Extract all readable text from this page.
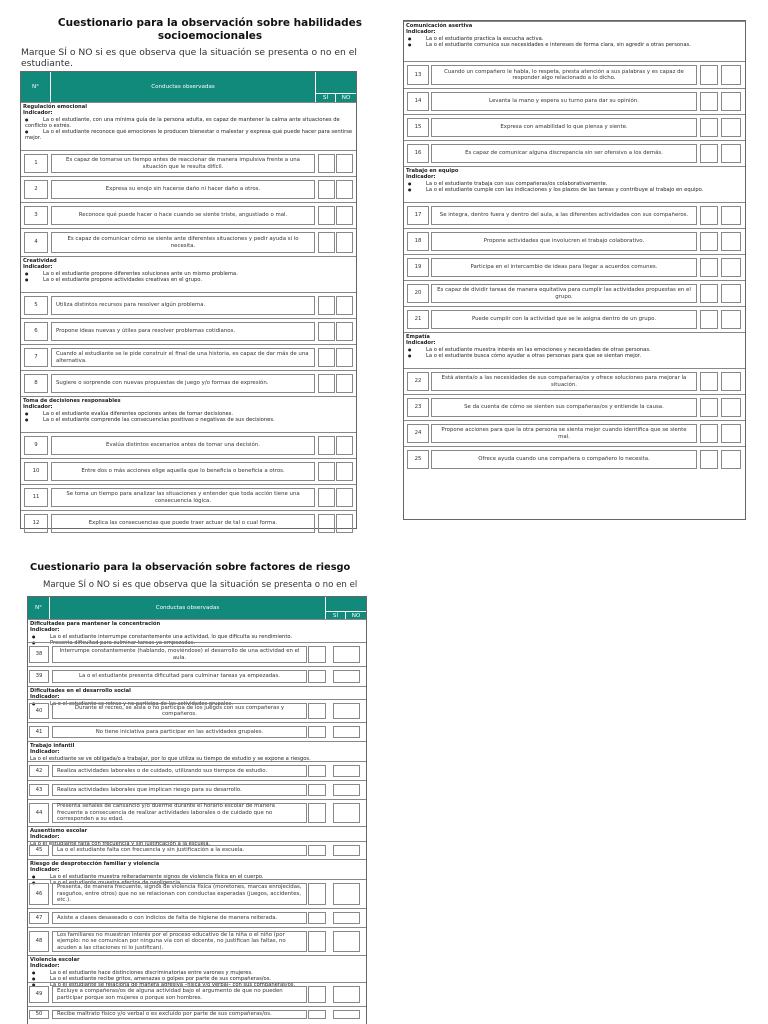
Cuestionario para la observación sobre habilidades
socioemocionales
Marque SÍ o NO si es que observa que la situación se presenta o no en el estudiante.
N°	Conductas observadas
SÍ	NO
Regulación emocional
Indicador:
●	La o el estudiante, con una mínima guía de la persona adulta, es capaz de mantener la calma ante situaciones de conflicto o estrés.
●	La o el estudiante reconoce qué emociones le producen bienestar o malestar y expresa qué puede hacer para sentirse mejor.
1
Es capaz de tomarse un tiempo antes de reaccionar de manera impulsiva frente a una situación que le resulta difícil.
2	Expresa su enojo sin hacerse daño ni hacer daño a otros.
3	Reconoce qué puede hacer o hace cuando se siente triste, angustiado o mal.
4
Es capaz de comunicar cómo se siente ante diferentes situaciones y pedir ayuda si lo necesita.
Creatividad
Indicador:
●	La o el estudiante propone diferentes soluciones ante un mismo problema.
●	La o el estudiante propone actividades creativas en el grupo.
5	Utiliza distintos recursos para resolver algún problema.
6	Propone ideas nuevas y útiles para resolver problemas cotidianos.
7
Cuando al estudiante se le pide construir el final de una historia, es capaz de dar más de una alternativa.
8	Sugiere o sorprende con nuevas propuestas de juego y/o formas de expresión.
Toma de decisiones responsables
Indicador:
●	La o el estudiante evalúa diferentes opciones antes de tomar decisiones.
●	La o el estudiante comprende las consecuencias positivas o negativas de sus decisiones.
9	Evalúa distintos escenarios antes de tomar una decisión.
10	Entre dos o más acciones elige aquella que lo beneficia o beneficia a otros.
11
Se toma un tiempo para analizar las situaciones y entender que toda acción tiene una consecuencia lógica.
12	Explica las consecuencias que puede traer actuar de tal o cual forma.
Comunicación asertiva
Indicador:
●	La o el estudiante practica la escucha activa.
●	La o el estudiante comunica sus necesidades e intereses de forma clara, sin agredir a otras personas.
13
Cuando un compañero le habla, lo respeta, presta atención a sus palabras y es capaz de responder algo relacionado a lo dicho.
14	Levanta la mano y espera su turno para dar su opinión.
15	Expresa con amabilidad lo que piensa y siente.
16	Es capaz de comunicar alguna discrepancia sin ser ofensivo a los demás.
Trabajo en equipo
Indicador:
●	La o el estudiante trabaja con sus compañeras/os colaborativamente.
●	La o el estudiante cumple con las indicaciones y los plazos de las tareas y contribuye al trabajo en equipo.
17	Se integra, dentro fuera y dentro del aula, a las diferentes actividades con sus compañeros.
18	Propone actividades que involucren el trabajo colaborativo.
19	Participa en el intercambio de ideas para llegar a acuerdos comunes.
20
Es capaz de dividir tareas de manera equitativa para cumplir las actividades propuestas en el grupo.
21	Puede cumplir con la actividad que se le asigna dentro de un grupo.
Empatía
Indicador:
●	La o el estudiante muestra interés en las emociones y necesidades de otras personas.
●	La o el estudiante busca cómo ayudar a otras personas para que se sientan mejor.
22
Está atenta/o a las necesidades de sus compañeras/os y ofrece soluciones para mejorar la situación.
23	Se da cuenta de cómo se sienten sus compañeras/os y entiende la causa.
24
Propone acciones para que la otra persona se sienta mejor cuando identifica que se siente mal.
25	Ofrece ayuda cuando una compañera o compañero lo necesita.
Cuestionario para la observación sobre factores de riesgo
Marque SÍ o NO si es que observa que la situación se presenta o no en el
N°	Conductas observadas
SÍ	NO
Dificultades para mantener la concentración
Indicador:
●	La o el estudiante interrumpe constantemente una actividad, lo que dificulta su rendimiento.
●	Presenta dificultad para culminar tareas ya empezadas.
38
Interrumpe constantemente (hablando, moviéndose) el desarrollo de una actividad en el aula.
39	La o el estudiante presenta dificultad para culminar tareas ya empezadas.
Dificultades en el desarrollo social
Indicador:
●	La o el estudiante se retrae y no participa de las actividades grupales.
40
Durante el recreo, se aísla o no participa de los juegos con sus compañeras y compañeros.
41	No tiene iniciativa para participar en las actividades grupales.
Trabajo infantil
Indicador:
La o el estudiante se ve obligada/o a trabajar, por lo que utiliza su tiempo de estudio y se expone a riesgos.
42	Realiza actividades laborales o de cuidado, utilizando sus tiempos de estudio.
43	Realiza actividades laborales que implican riesgo para su desarrollo.
44
Presenta señales de cansancio y/o duerme durante el horario escolar de manera frecuente a consecuencia de realizar actividades laborales o de cuidado que no corresponden a su edad.
Ausentismo escolar
Indicador:
La o el estudiante falta con frecuencia y sin justificación a la escuela.
45	La o el estudiante falta con frecuencia y sin justificación a la escuela.
Riesgo de desprotección familiar y violencia
Indicador:
●	La o el estudiante muestra reiteradamente signos de violencia física en el cuerpo.
●	La o el estudiante muestra efectos de negligencia.
46
Presenta, de manera frecuente, signos de violencia física (moretones, marcas enrojecidas, rasguños, entre otros) que no se relacionan con conductas esperadas (juegos, accidentes, etc.).
47	Asiste a clases desaseado o con indicios de falta de higiene de manera reiterada.
48
Los familiares no muestran interés por el proceso educativo de la niña o el niño (por ejemplo: no se comunican por ninguna vía con el docente, no justifican las faltas, no acuden a las citaciones ni lo justifican).
Violencia escolar
Indicador:
●	La o el estudiante hace distinciones discriminatorias entre varones y mujeres.
●	La o el estudiante recibe gritos, amenazas o golpes por parte de sus compañeras/os.
●	La o el estudiante se relaciona de manera agresiva –física y/o verbal– con sus compañeras/os.
49
Excluye a compañeras/os de alguna actividad bajo el argumento de que no pueden participar porque son mujeres o porque son hombres.
50	Recibe maltrato físico y/o verbal o es excluido por parte de sus compañeras/os.
